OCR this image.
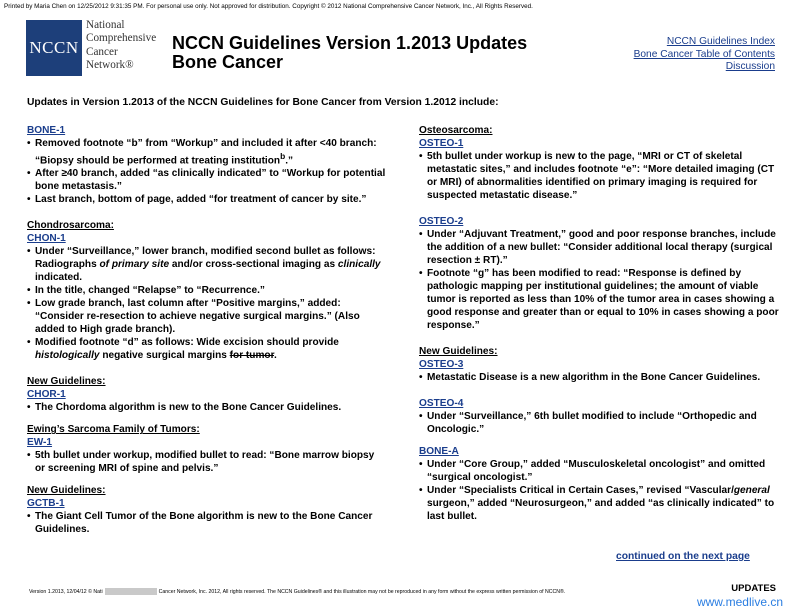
Printed by Maria Chen on 12/25/2012 9:31:35 PM. For personal use only. Not approved for distribution. Copyright © 2012 National Comprehensive Cancer Network, Inc., All Rights Reserved.
NCCN
National
Comprehensive
Cancer
Network®
NCCN Guidelines Version 1.2013 Updates
Bone Cancer
NCCN Guidelines Index
Bone Cancer Table of Contents
Discussion
Updates in Version 1.2013 of the NCCN Guidelines for Bone Cancer from Version 1.2012 include:
BONE-1
• Removed footnote “b” from “Workup” and included it after <40 branch: “Biopsy should be performed at treating institution$^b$.”
• After ≥40 branch, added “as clinically indicated” to “Workup for potential bone metastasis.”
• Last branch, bottom of page, added “for treatment of cancer by site.”
Chondrosarcoma:
CHON-1
• Under “Surveillance,” lower branch, modified second bullet as follows: Radiographs of primary site and/or cross-sectional imaging as clinically indicated.
• In the title, changed “Relapse” to “Recurrence.”
• Low grade branch, last column after “Positive margins,” added: “Consider re-resection to achieve negative surgical margins.” (Also added to High grade branch).
• Modified footnote “d” as follows: Wide excision should provide histologically negative surgical margins for tumor.
New Guidelines:
CHOR-1
• The Chordoma algorithm is new to the Bone Cancer Guidelines.
Ewing’s Sarcoma Family of Tumors:
EW-1
• 5th bullet under workup, modified bullet to read: “Bone marrow biopsy or screening MRI of spine and pelvis.”
New Guidelines:
GCTB-1
• The Giant Cell Tumor of the Bone algorithm is new to the Bone Cancer Guidelines.
Osteosarcoma:
OSTEO-1
• 5th bullet under workup is new to the page, “MRI or CT of skeletal metastatic sites,” and includes footnote “e”: “More detailed imaging (CT or MRI) of abnormalities identified on primary imaging is required for suspected metastatic disease.”
OSTEO-2
• Under “Adjuvant Treatment,” good and poor response branches, include the addition of a new bullet: “Consider additional local therapy (surgical resection ± RT).”
• Footnote “g” has been modified to read: “Response is defined by pathologic mapping per institutional guidelines; the amount of viable tumor is reported as less than 10% of the tumor area in cases showing a good response and greater than or equal to 10% in cases showing a poor response.”
New Guidelines:
OSTEO-3
• Metastatic Disease is a new algorithm in the Bone Cancer Guidelines.
OSTEO-4
• Under “Surveillance,” 6th bullet modified to include “Orthopedic and Oncologic.”
BONE-A
• Under “Core Group,” added “Musculoskeletal oncologist” and omitted “surgical oncologist.”
• Under “Specialists Critical in Certain Cases,” revised “Vascular/general surgeon,” added “Neurosurgeon,” and added “as clinically indicated” to last bullet.
continued on the next page
Version 1.2013, 12/04/12 © Nati	Cancer Network, Inc. 2012, All rights reserved. The NCCN Guidelines® and this illustration may not be reproduced in any form without the express written permission of NCCN®.	UPDATES
www.medlive.cn
